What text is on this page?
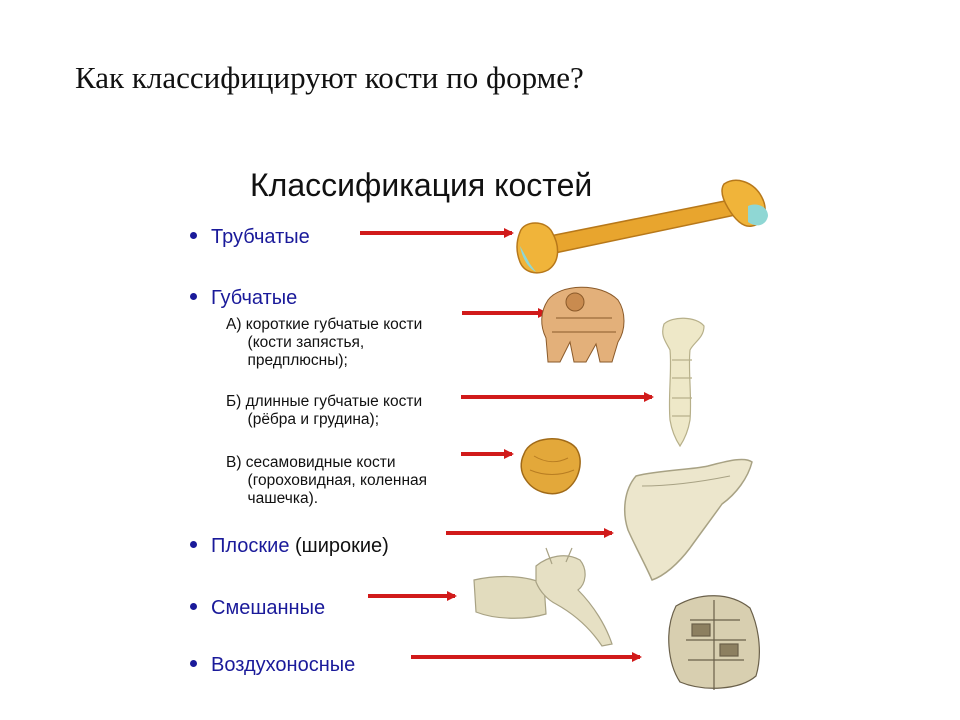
Как классифицируют кости по форме?
Классификация костей
Трубчатые
Губчатые
Плоские (широкие)
Смешанные
Воздухоносные
А) короткие губчатые кости
(кости запястья,
предплюсны);
Б) длинные губчатые кости
(рёбра и грудина);
В) сесамовидные кости
(гороховидная, коленная
чашечка).
